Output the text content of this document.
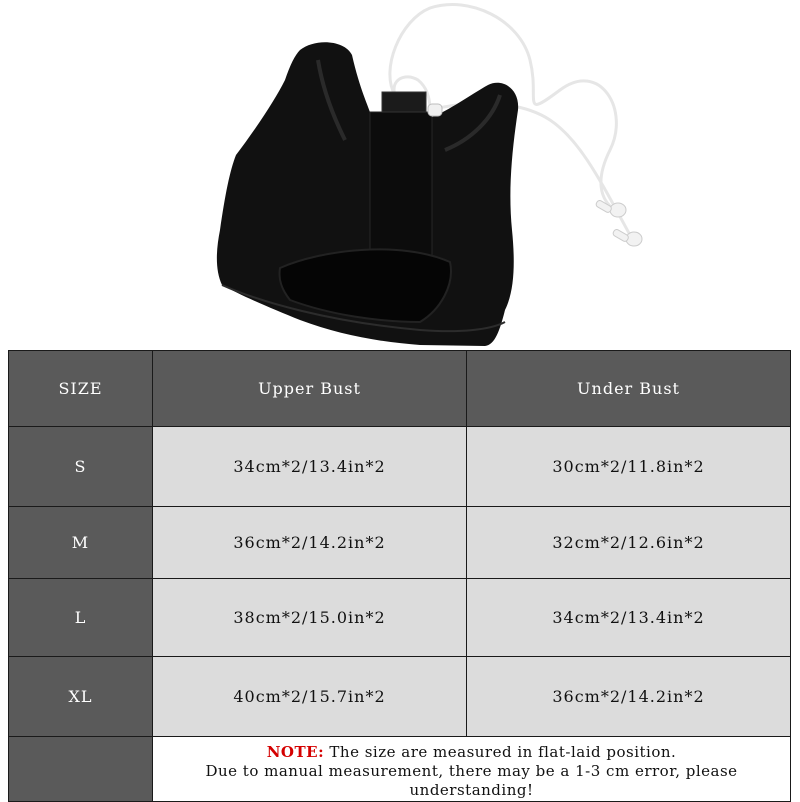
SIZE	Upper Bust	Under Bust
S	34cm*2/13.4in*2	30cm*2/11.8in*2
M	36cm*2/14.2in*2	32cm*2/12.6in*2
L	38cm*2/15.0in*2	34cm*2/13.4in*2
XL	40cm*2/15.7in*2	36cm*2/14.2in*2
	NOTE: The size are measured in flat-laid position.
Due to manual measurement, there may be a 1-3 cm error, please understanding!	
